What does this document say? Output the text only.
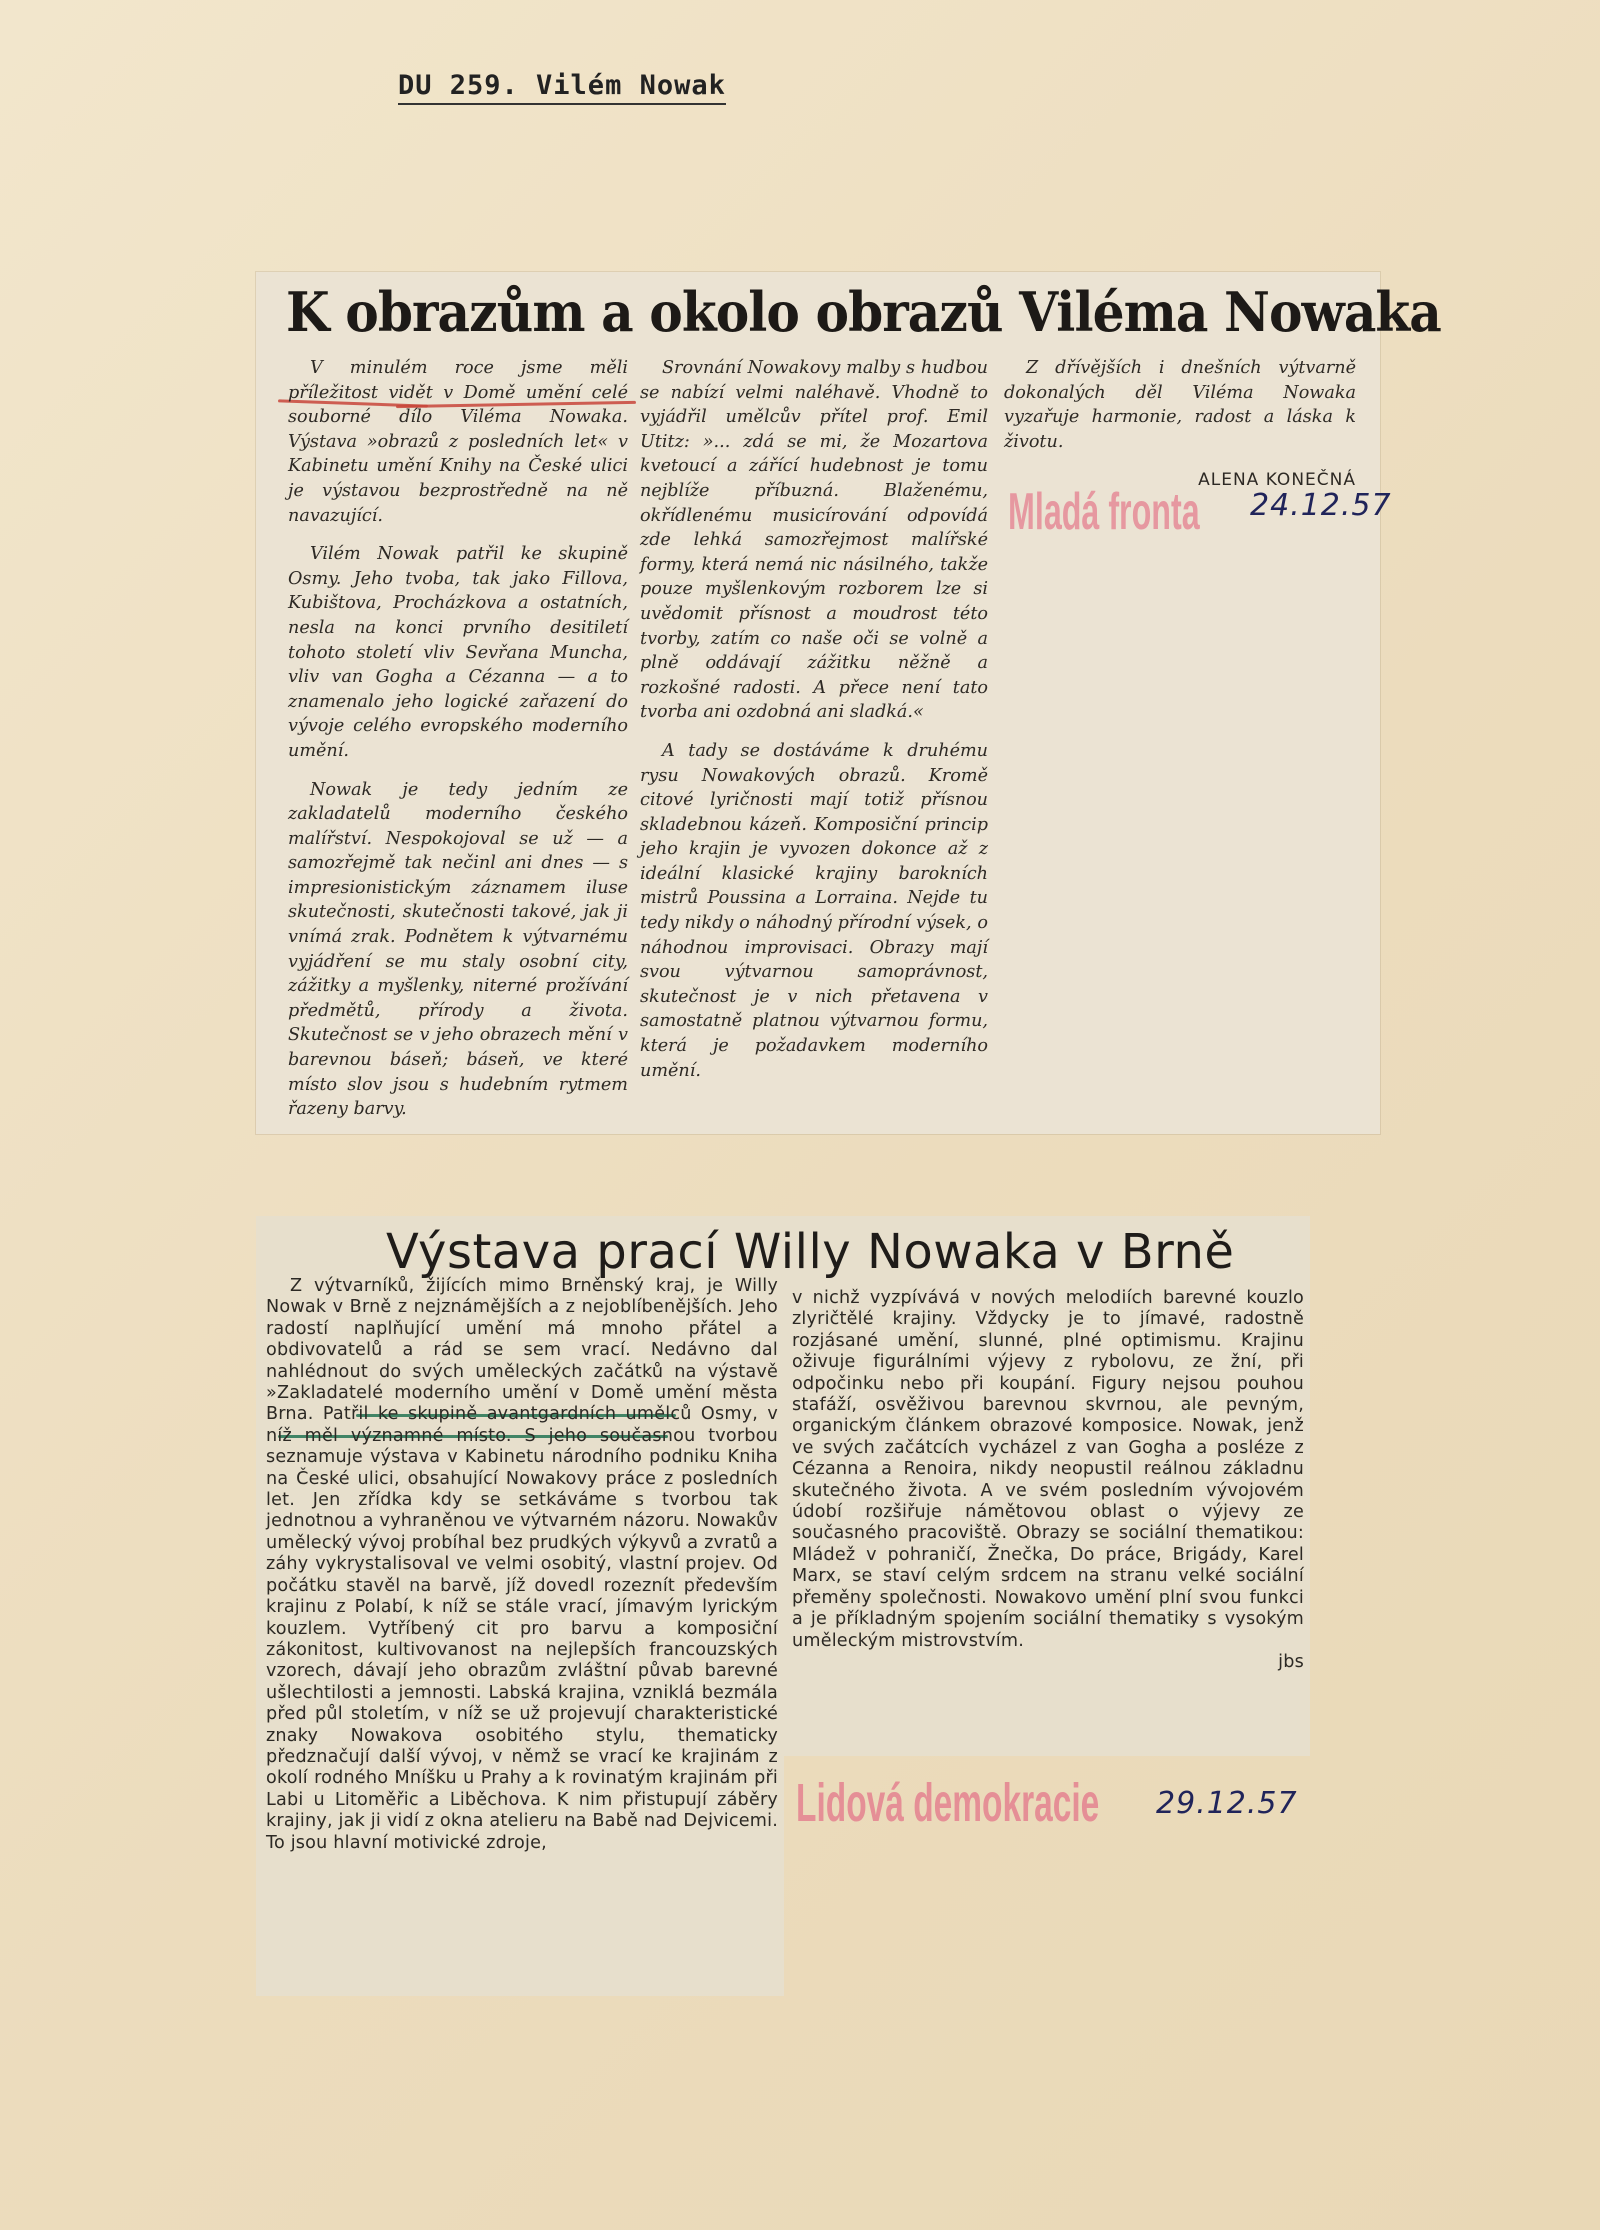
DU 259. Vilém Nowak
K obrazům a okolo obrazů Viléma Nowaka

V minulém roce jsme měli příležitost vidět v Domě umění celé souborné dílo Viléma Nowaka. Výstava »obrazů z posledních let« v Kabinetu umění Knihy na České ulici je výstavou bezprostředně na ně navazující.

Vilém Nowak patřil ke skupině Osmy. Jeho tvoba, tak jako Fillova, Kubištova, Procházkova a ostatních, nesla na konci prvního desitiletí tohoto století vliv Sevřana Muncha, vliv van Gogha a Cézanna — a to znamenalo jeho logické zařazení do vývoje celého evropského moderního umění.

Nowak je tedy jedním ze zakladatelů moderního českého malířství. Nespokojoval se už — a samozřejmě tak nečinl ani dnes — s impresionistickým záznamem iluse skutečnosti, skutečnosti takové, jak ji vnímá zrak. Podnětem k výtvarnému vyjádření se mu staly osobní city, zážitky a myšlenky, niterné prožívání předmětů, přírody a života. Skutečnost se v jeho obrazech mění v barevnou báseň; báseň, ve které místo slov jsou s hudebním rytmem řazeny barvy.

Srovnání Nowakovy malby s hudbou se nabízí velmi naléhavě. Vhodně to vyjádřil umělcův přítel prof. Emil Utitz: »... zdá se mi, že Mozartova kvetoucí a zářící hudebnost je tomu nejblíže příbuzná. Blaženému, okřídlenému musicírování odpovídá zde lehká samozřejmost malířské formy, která nemá nic násilného, takže pouze myšlenkovým rozborem lze si uvědomit přísnost a moudrost této tvorby, zatím co naše oči se volně a plně oddávají zážitku něžně a rozkošné radosti. A přece není tato tvorba ani ozdobná ani sladká.«

A tady se dostáváme k druhému rysu Nowakových obrazů. Kromě citové lyričnosti mají totiž přísnou skladebnou kázeň. Komposiční princip jeho krajin je vyvozen dokonce až z ideální klasické krajiny barokních mistrů Poussina a Lorraina. Nejde tu tedy nikdy o náhodný přírodní výsek, o náhodnou improvisaci. Obrazy mají svou výtvarnou samoprávnost, skutečnost je v nich přetavena v samostatně platnou výtvarnou formu, která je požadavkem moderního umění.

Z dřívějších i dnešních výtvarně dokonalých děl Viléma Nowaka vyzařuje harmonie, radost a láska k životu.

ALENA KONEČNÁ
Mladá fronta 24.12.57
Výstava prací Willy Nowaka v Brně

Z výtvarníků, žijících mimo Brněnský kraj, je Willy Nowak v Brně z nejznámějších a z nejoblíbenějších. Jeho radostí naplňující umění má mnoho přátel a obdivovatelů a rád se sem vrací. Nedávno dal nahlédnout do svých uměleckých začátků na výstavě »Zakladatelé moderního umění v Domě umění města Brna. Patřil ke skupině avantgardních umělců Osmy, v níž měl významné místo. S jeho současnou tvorbou seznamuje výstava v Kabinetu národního podniku Kniha na České ulici, obsahující Nowakovy práce z posledních let. Jen zřídka kdy se setkáváme s tvorbou tak jednotnou a vyhraněnou ve výtvarném názoru. Nowakův umělecký vývoj probíhal bez prudkých výkyvů a zvratů a záhy vykrystalisoval ve velmi osobitý, vlastní projev. Od počátku stavěl na barvě, jíž dovedl rozeznít především krajinu z Polabí, k níž se stále vrací, jímavým lyrickým kouzlem. Vytříbený cit pro barvu a komposiční zákonitost, kultivovanost na nejlepších francouzských vzorech, dávají jeho obrazům zvláštní půvab barevné ušlechtilosti a jemnosti. Labská krajina, vzniklá bezmála před půl stoletím, v níž se už projevují charakteristické znaky Nowakova osobitého stylu, thematicky předznačují další vývoj, v němž se vrací ke krajinám z okolí rodného Mníšku u Prahy a k rovinatým krajinám při Labi u Litoměřic a Liběchova. K nim přistupují záběry krajiny, jak ji vidí z okna atelieru na Babě nad Dejvicemi. To jsou hlavní motivické zdroje,

v nichž vyzpívává v nových melodiích barevné kouzlo zlyričtělé krajiny. Vždycky je to jímavé, radostně rozjásané umění, slunné, plné optimismu. Krajinu oživuje figurálními výjevy z rybolovu, ze žní, při odpočinku nebo při koupání. Figury nejsou pouhou stafáží, osvěživou barevnou skvrnou, ale pevným, organickým článkem obrazové komposice. Nowak, jenž ve svých začátcích vycházel z van Gogha a posléze z Cézanna a Renoira, nikdy neopustil reálnou základnu skutečného života. A ve svém posledním vývojovém údobí rozšiřuje námětovou oblast o výjevy ze současného pracoviště. Obrazy se sociální thematikou: Mládež v pohraničí, Žnečka, Do práce, Brigády, Karel Marx, se staví celým srdcem na stranu velké sociální přeměny společnosti. Nowakovo umění plní svou funkci a je příkladným spojením sociální thematiky s vysokým uměleckým mistrovstvím.

jbs
Lidová demokracie 29.12.57
